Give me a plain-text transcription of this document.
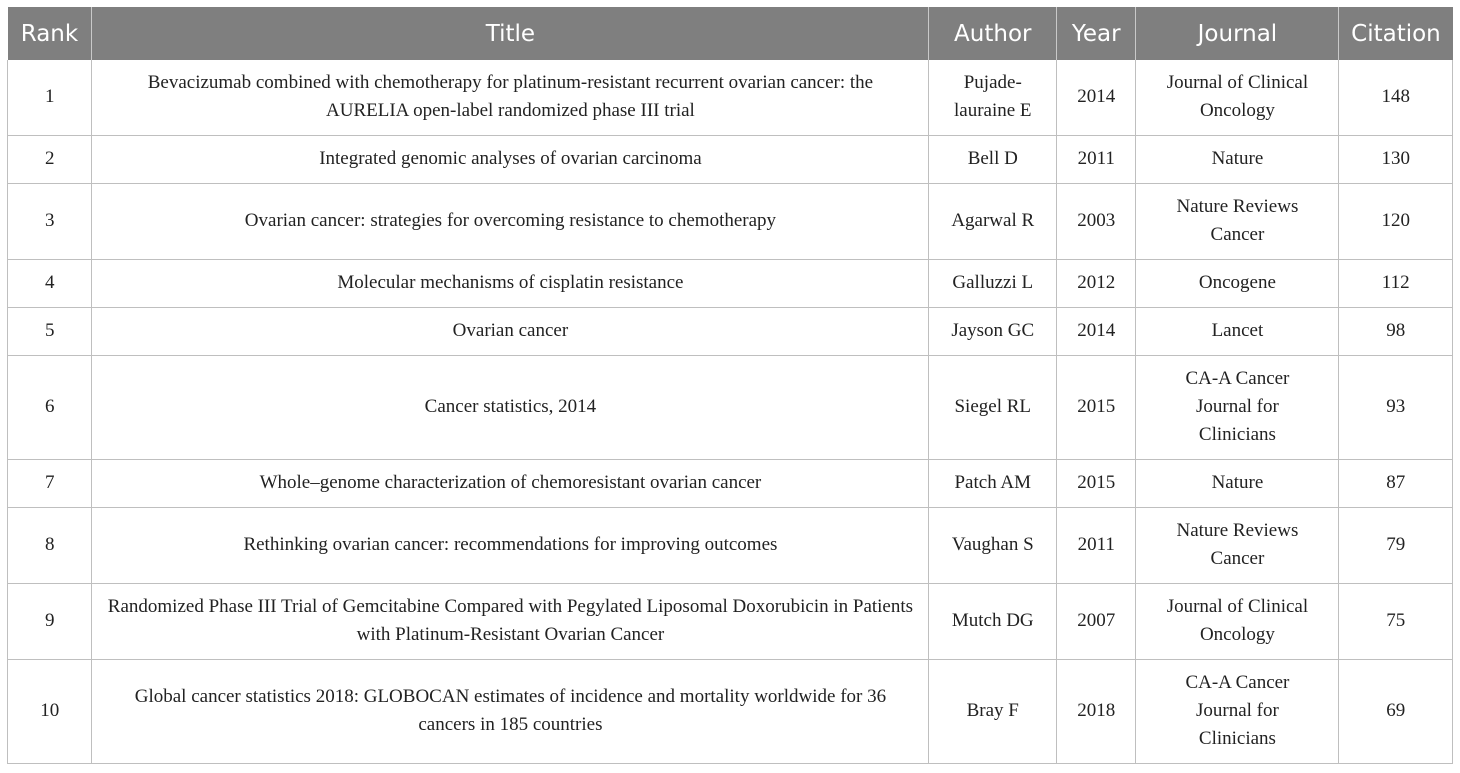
Rank	Title	Author	Year	Journal	Citation
1	Bevacizumab combined with chemotherapy for platinum-resistant recurrent ovarian cancer: the AURELIA open-label randomized phase III trial	Pujade-lauraine E	2014	Journal of Clinical Oncology	148
2	Integrated genomic analyses of ovarian carcinoma	Bell D	2011	Nature	130
3	Ovarian cancer: strategies for overcoming resistance to chemotherapy	Agarwal R	2003	Nature Reviews Cancer	120
4	Molecular mechanisms of cisplatin resistance	Galluzzi L	2012	Oncogene	112
5	Ovarian cancer	Jayson GC	2014	Lancet	98
6	Cancer statistics, 2014	Siegel RL	2015	CA-A Cancer Journal for Clinicians	93
7	Whole–genome characterization of chemoresistant ovarian cancer	Patch AM	2015	Nature	87
8	Rethinking ovarian cancer: recommendations for improving outcomes	Vaughan S	2011	Nature Reviews Cancer	79
9	Randomized Phase III Trial of Gemcitabine Compared with Pegylated Liposomal Doxorubicin in Patients with Platinum-Resistant Ovarian Cancer	Mutch DG	2007	Journal of Clinical Oncology	75
10	Global cancer statistics 2018: GLOBOCAN estimates of incidence and mortality worldwide for 36 cancers in 185 countries	Bray F	2018	CA-A Cancer Journal for Clinicians	69
